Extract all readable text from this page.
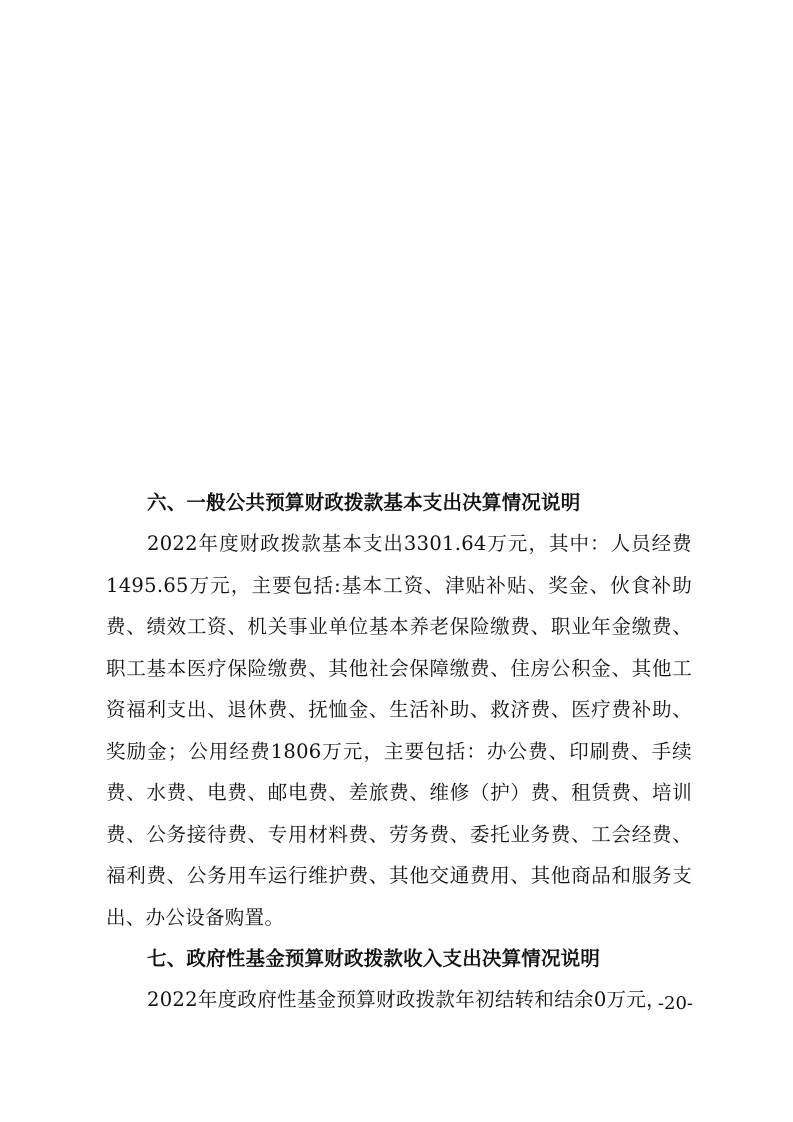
六、一般公共预算财政拨款基本支出决算情况说明

2022年度财政拨款基本支出3301.64万元，其中：人员经费1495.65万元，主要包括:基本工资、津贴补贴、奖金、伙食补助费、绩效工资、机关事业单位基本养老保险缴费、职业年金缴费、职工基本医疗保险缴费、其他社会保障缴费、住房公积金、其他工资福利支出、退休费、抚恤金、生活补助、救济费、医疗费补助、奖励金；公用经费1806万元，主要包括：办公费、印刷费、手续费、水费、电费、邮电费、差旅费、维修（护）费、租赁费、培训费、公务接待费、专用材料费、劳务费、委托业务费、工会经费、福利费、公务用车运行维护费、其他交通费用、其他商品和服务支出、办公设备购置。

七、政府性基金预算财政拨款收入支出决算情况说明

2022年度政府性基金预算财政拨款年初结转和结余0万元，

-20-
